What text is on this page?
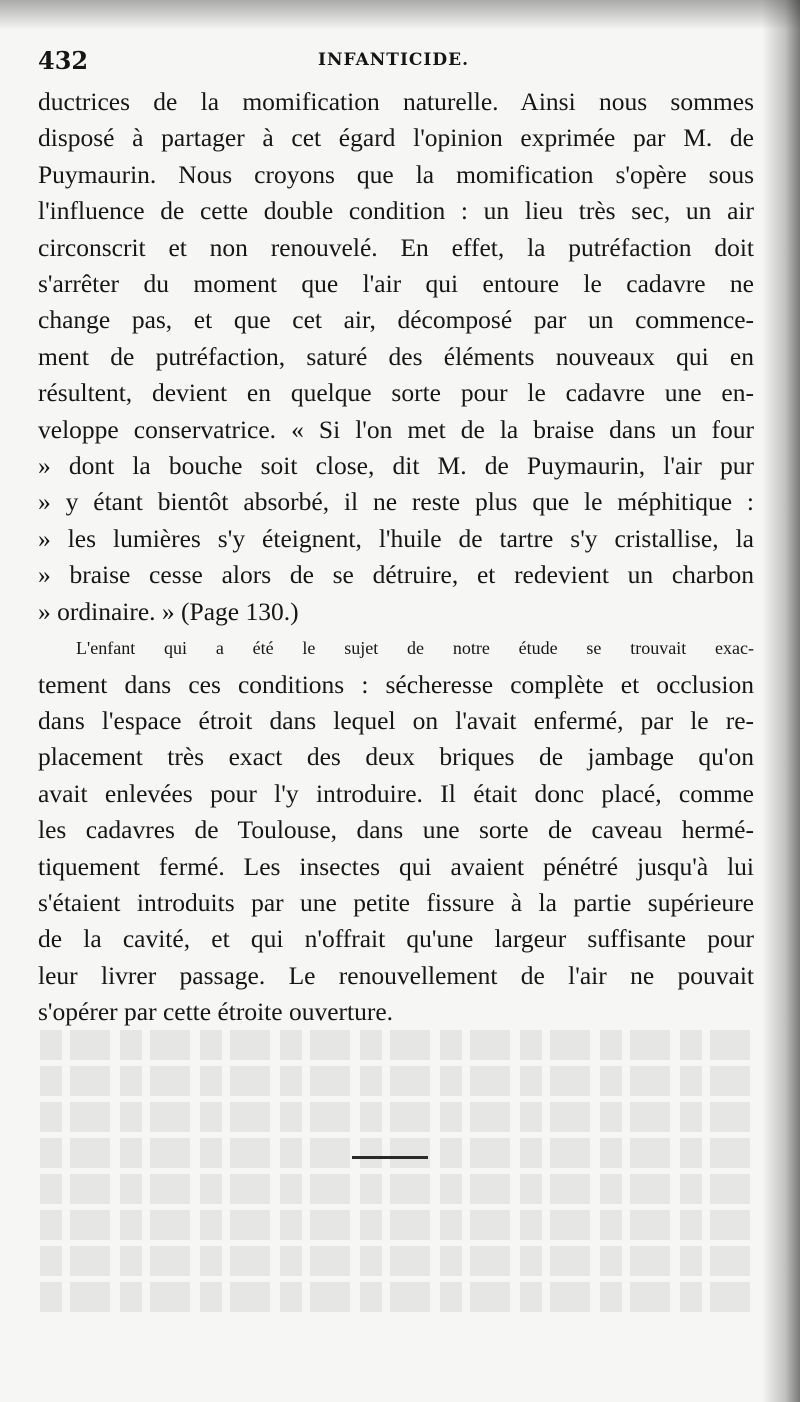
432	INFANTICIDE.

ductrices de la momification naturelle. Ainsi nous sommes
disposé à partager à cet égard l'opinion exprimée par M. de
Puymaurin. Nous croyons que la momification s'opère sous
l'influence de cette double condition : un lieu très sec, un air
circonscrit et non renouvelé. En effet, la putréfaction doit
s'arrêter du moment que l'air qui entoure le cadavre ne
change pas, et que cet air, décomposé par un commence-
ment de putréfaction, saturé des éléments nouveaux qui en
résultent, devient en quelque sorte pour le cadavre une en-
veloppe conservatrice. « Si l'on met de la braise dans un four
» dont la bouche soit close, dit M. de Puymaurin, l'air pur
» y étant bientôt absorbé, il ne reste plus que le méphitique :
» les lumières s'y éteignent, l'huile de tartre s'y cristallise, la
» braise cesse alors de se détruire, et redevient un charbon
» ordinaire. » (Page 130.)

L'enfant qui a été le sujet de notre étude se trouvait exac-
tement dans ces conditions : sécheresse complète et occlusion
dans l'espace étroit dans lequel on l'avait enfermé, par le re-
placement très exact des deux briques de jambage qu'on
avait enlevées pour l'y introduire. Il était donc placé, comme
les cadavres de Toulouse, dans une sorte de caveau hermé-
tiquement fermé. Les insectes qui avaient pénétré jusqu'à lui
s'étaient introduits par une petite fissure à la partie supérieure
de la cavité, et qui n'offrait qu'une largeur suffisante pour
leur livrer passage. Le renouvellement de l'air ne pouvait
s'opérer par cette étroite ouverture.
